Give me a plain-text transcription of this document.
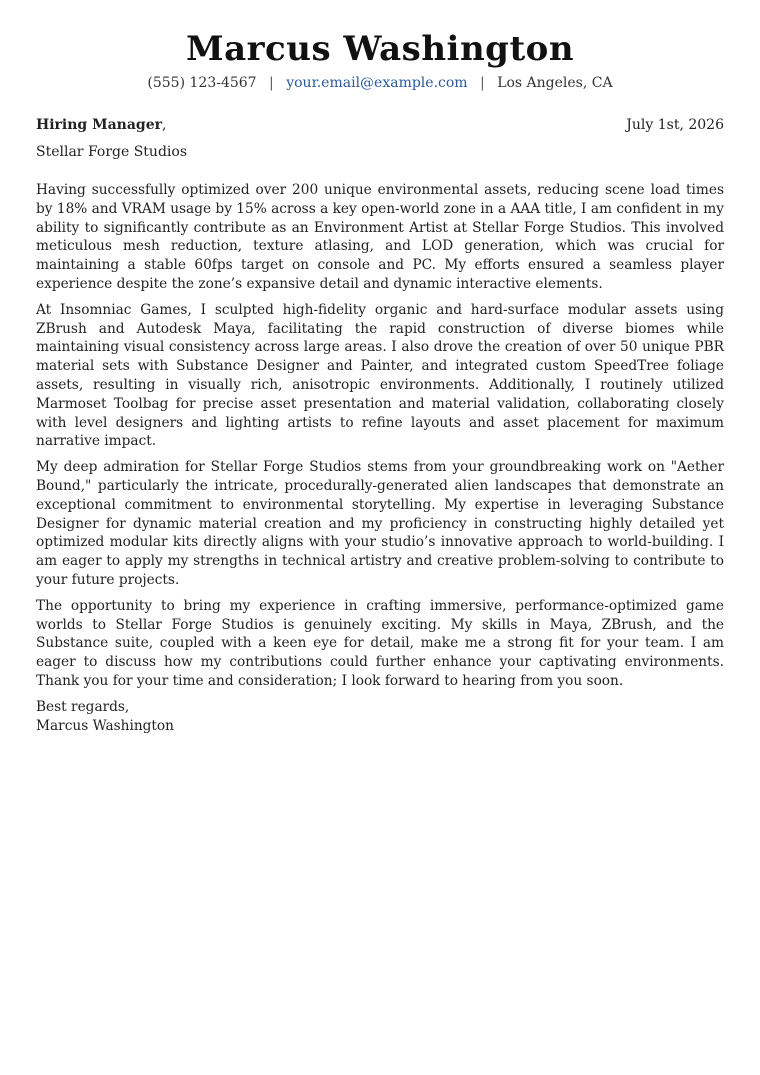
Marcus Washington
(555) 123-4567 | your.email@example.com | Los Angeles, CA
Hiring Manager,	July 1st, 2026
Stellar Forge Studios

Having successfully optimized over 200 unique environmental assets, reducing scene load times by 18% and VRAM usage by 15% across a key open-world zone in a AAA title, I am confident in my ability to significantly contribute as an Environment Artist at Stellar Forge Studios. This involved meticulous mesh reduction, texture atlasing, and LOD generation, which was crucial for maintaining a stable 60fps target on console and PC. My efforts ensured a seamless player experience despite the zone’s expansive detail and dynamic interactive elements.

At Insomniac Games, I sculpted high-fidelity organic and hard-surface modular assets using ZBrush and Autodesk Maya, facilitating the rapid construction of diverse biomes while maintaining visual consistency across large areas. I also drove the creation of over 50 unique PBR material sets with Substance Designer and Painter, and integrated custom SpeedTree foliage assets, resulting in visually rich, anisotropic environments. Additionally, I routinely utilized Marmoset Toolbag for precise asset presentation and material validation, collaborating closely with level designers and lighting artists to refine layouts and asset placement for maximum narrative impact.

My deep admiration for Stellar Forge Studios stems from your groundbreaking work on "Aether Bound," particularly the intricate, procedurally-generated alien landscapes that demonstrate an exceptional commitment to environmental storytelling. My expertise in leveraging Substance Designer for dynamic material creation and my proficiency in constructing highly detailed yet optimized modular kits directly aligns with your studio’s innovative approach to world-building. I am eager to apply my strengths in technical artistry and creative problem-solving to contribute to your future projects.

The opportunity to bring my experience in crafting immersive, performance-optimized game worlds to Stellar Forge Studios is genuinely exciting. My skills in Maya, ZBrush, and the Substance suite, coupled with a keen eye for detail, make me a strong fit for your team. I am eager to discuss how my contributions could further enhance your captivating environments. Thank you for your time and consideration; I look forward to hearing from you soon.

Best regards,
Marcus Washington
